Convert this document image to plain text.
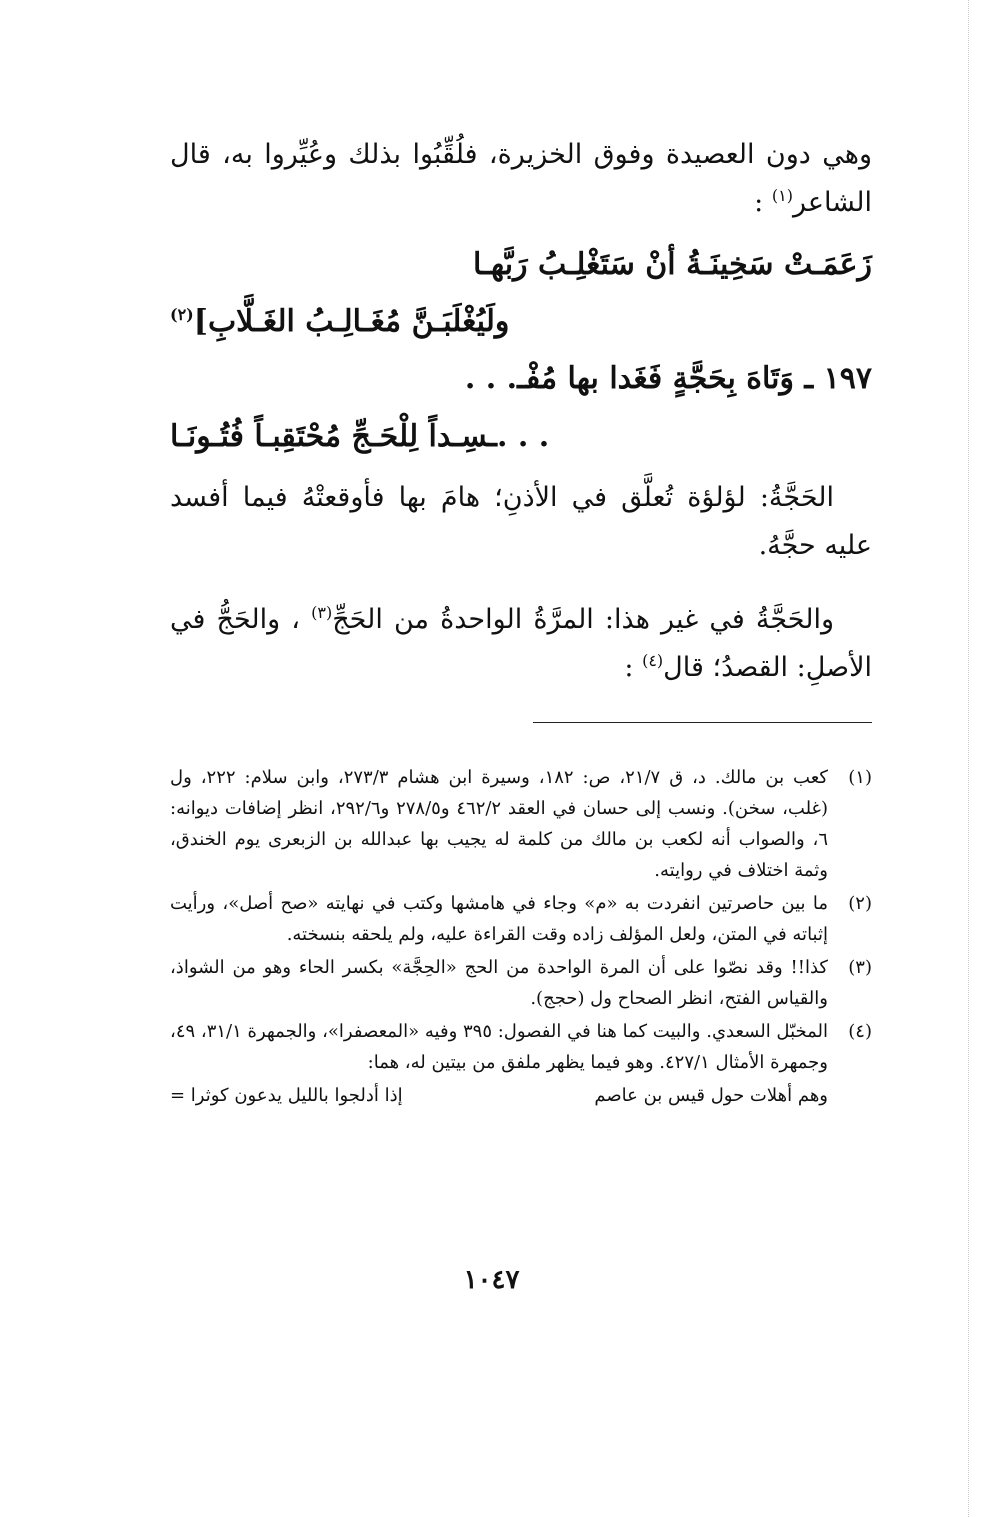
وهي دون العصيدة وفوق الخزيرة، فلُقِّبُوا بذلك وعُيِّروا به، قال الشاعر$^{(١)}$ :
زَعَمَـتْ سَخِينَـةُ أنْ سَتَغْلِـبُ رَبَّهـا
ولَيُغْلَبَـنَّ مُغَـالِـبُ الغَـلَّابِ]$^{(٢)}$
١٩٧ ـ وَتَاهَ بِحَجَّةٍ فَغَدا بها مُفْـ. . .
. . .ـسِـداً لِلْحَـجِّ مُحْتَقِبـاً فُتُـونَـا
الحَجَّةُ: لؤلؤة تُعلَّق في الأذنِ؛ هامَ بها فأوقعتْهُ فيما أفسد عليه حجَّهُ.
والحَجَّةُ في غير هذا: المرَّةُ الواحدةُ من الحَجِّ$^{(٣)}$ ، والحَجُّ في الأصلِ: القصدُ؛ قال$^{(٤)}$ :
(١)
كعب بن مالك. د، ق ٢١/٧، ص: ١٨٢، وسيرة ابن هشام ٢٧٣/٣، وابن سلام: ٢٢٢، ول (غلب، سخن). ونسب إلى حسان في العقد ٤٦٢/٢ و٢٧٨/٥ و٢٩٢/٦، انظر إضافات ديوانه: ٦، والصواب أنه لكعب بن مالك من كلمة له يجيب بها عبدالله بن الزبعرى يوم الخندق، وثمة اختلاف في روايته.
(٢)
ما بين حاصرتين انفردت به «م» وجاء في هامشها وكتب في نهايته «صح أصل»، ورأيت إثباته في المتن، ولعل المؤلف زاده وقت القراءة عليه، ولم يلحقه بنسخته.
(٣)
كذا!! وقد نصّوا على أن المرة الواحدة من الحج «الحِجَّة» بكسر الحاء وهو من الشواذ، والقياس الفتح، انظر الصحاح ول (حجج).
(٤)
المخبّل السعدي. والبيت كما هنا في الفصول: ٣٩٥ وفيه «المعصفرا»، والجمهرة ٣١/١، ٤٩، وجمهرة الأمثال ٤٢٧/١. وهو فيما يظهر ملفق من بيتين له، هما:
وهم أهلات حول قيس بن عاصم
إذا أدلجوا بالليل يدعون كوثرا =
١٠٤٧
